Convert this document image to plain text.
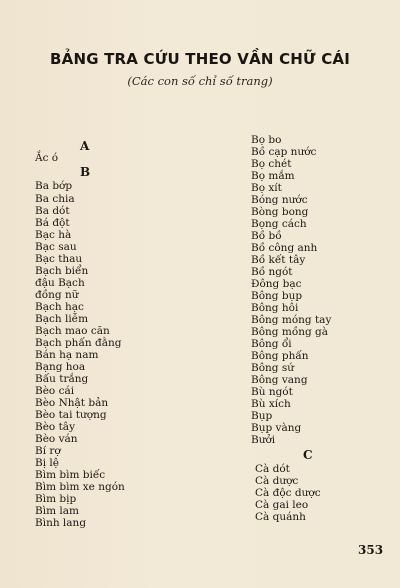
BẢNG TRA CỨU THEO VẦN CHỮ CÁI
(Các con số chỉ số trang)
A
Ắc ó
B
Ba bớp
Ba chia
Ba dót
Bá đột
Bạc hà
Bạc sau
Bạc thau
Bạch biển
đậu Bạch
đồng nữ
Bạch hạc
Bạch liễm
Bạch mao căn
Bạch phấn đằng
Bán hạ nam
Bạng hoa
Bấu trắng
Bèo cái
Bèo Nhật bản
Bèo tai tượng
Bèo tây
Bèo ván
Bí rợ
Bị lệ
Bìm bìm biếc
Bìm bìm xe ngón
Bìm bịp
Bìm lam
Bình lang
Bọ bo
Bồ cạp nước
Bọ chét
Bọ mắm
Bọ xít
Bóng nước
Bòng bong
Bọng cách
Bồ bồ
Bồ công anh
Bồ kết tây
Bồ ngót
Đông bạc
Bông bụp
Bông hôi
Bông móng tay
Bông mồng gà
Bông ổi
Bông phấn
Bông sứ
Bông vang
Bù ngót
Bù xích
Bụp
Bụp vàng
Bưởi
C
Cà dót
Cà dược
Cà độc dược
Cà gai leo
Cà quánh
353
